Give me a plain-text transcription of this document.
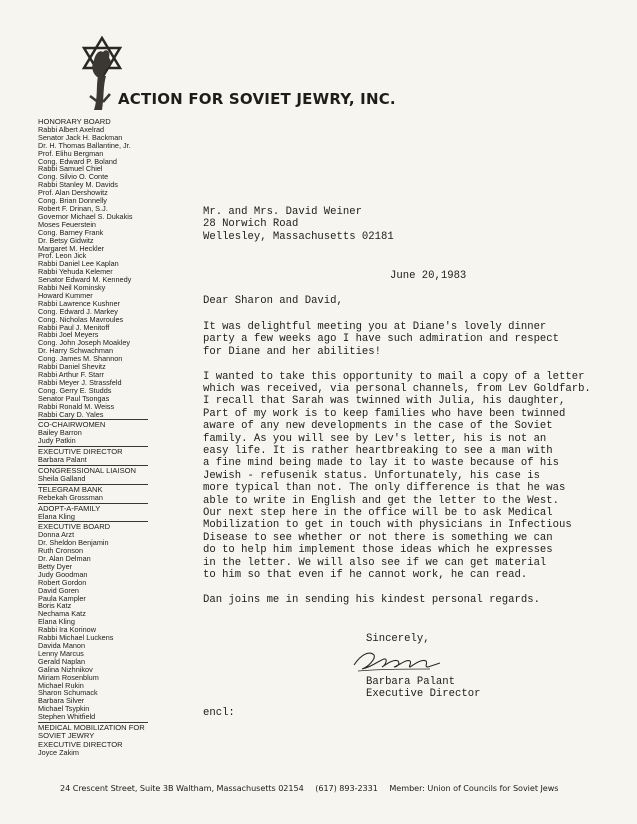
ACTION FOR SOVIET JEWRY, INC.
HONORARY BOARD
Rabbi Albert Axelrad
Senator Jack H. Backman
Dr. H. Thomas Ballantine, Jr.
Prof. Elihu Bergman
Cong. Edward P. Boland
Rabbi Samuel Chiel
Cong. Silvio O. Conte
Rabbi Stanley M. Davids
Prof. Alan Dershowitz
Cong. Brian Donnelly
Robert F. Drinan, S.J.
Governor Michael S. Dukakis
Moses Feuerstein
Cong. Barney Frank
Dr. Betsy Gidwitz
Margaret M. Heckler
Prof. Leon Jick
Rabbi Daniel Lee Kaplan
Rabbi Yehuda Kelemer
Senator Edward M. Kennedy
Rabbi Neil Kominsky
Howard Kummer
Rabbi Lawrence Kushner
Cong. Edward J. Markey
Cong. Nicholas Mavroules
Rabbi Paul J. Menitoff
Rabbi Joel Meyers
Cong. John Joseph Moakley
Dr. Harry Schwachman
Cong. James M. Shannon
Rabbi Daniel Shevitz
Rabbi Arthur F. Starr
Rabbi Meyer J. Strassfeld
Cong. Gerry E. Studds
Senator Paul Tsongas
Rabbi Ronald M. Weiss
Rabbi Cary D. Yales
CO-CHAIRWOMEN
Bailey Barron
Judy Patkin
EXECUTIVE DIRECTOR
Barbara Palant
CONGRESSIONAL LIAISON
Sheila Galland
TELEGRAM BANK
Rebekah Grossman
ADOPT-A-FAMILY
Elana Kling
EXECUTIVE BOARD
Donna Arzt
Dr. Sheldon Benjamin
Ruth Cronson
Dr. Alan Delman
Betty Dyer
Judy Goodman
Robert Gordon
David Goren
Paula Kampler
Boris Katz
Nechama Katz
Elana Kling
Rabbi Ira Korinow
Rabbi Michael Luckens
Davida Manon
Lenny Marcus
Gerald Naplan
Galina Nizhnikov
Miriam Rosenblum
Michael Rukin
Sharon Schumack
Barbara Silver
Michael Tsypkin
Stephen Whitfield
MEDICAL MOBILIZATION FOR SOVIET JEWRY
EXECUTIVE DIRECTOR
Joyce Zakim
Mr. and Mrs. David Weiner
28 Norwich Road
Wellesley, Massachusetts 02181
June 20,1983
Dear Sharon and David,
It was delightful meeting you at Diane's lovely dinner
party a few weeks ago I have such admiration and respect
for Diane and her abilities!
I wanted to take this opportunity to mail a copy of a letter
which was received, via personal channels, from Lev Goldfarb.
I recall that Sarah was twinned with Julia, his daughter,
Part of my work is to keep families who have been twinned
aware of any new developments in the case of the Soviet
family. As you will see by Lev's letter, his is not an
easy life. It is rather heartbreaking to see a man with
a fine mind being made to lay it to waste because of his
Jewish - refusenik status. Unfortunately, his case is
more typical than not. The only difference is that he was
able to write in English and get the letter to the West.
Our next step here in the office will be to ask Medical
Mobilization to get in touch with physicians in Infectious
Disease to see whether or not there is something we can
do to help him implement those ideas which he expresses
in the letter. We will also see if we can get material
to him so that even if he cannot work, he can read.
Dan joins me in sending his kindest personal regards.
Sincerely,
Barbara Palant
Executive Director
encl:
24 Crescent Street, Suite 3B Waltham, Massachusetts 02154 (617) 893-2331 Member: Union of Councils for Soviet Jews
